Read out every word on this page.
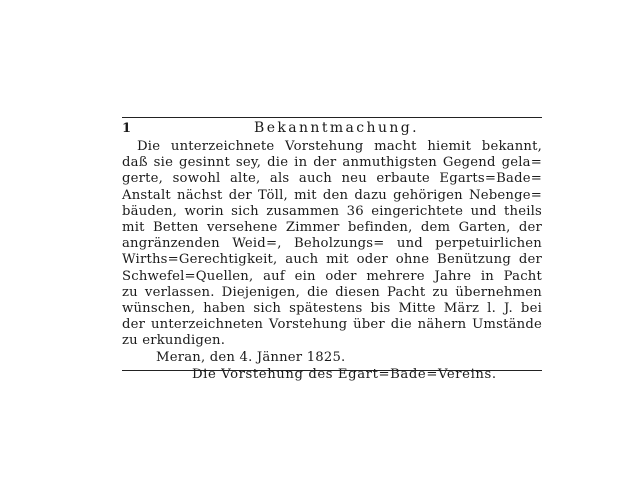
1	Bekanntmachung.
Die unterzeichnete Vorstehung macht hiemit bekannt,
daß sie gesinnt sey, die in der anmuthigsten Gegend gela=
gerte, sowohl alte, als auch neu erbaute Egarts=Bade=
Anstalt nächst der Töll, mit den dazu gehörigen Nebenge=
bäuden, worin sich zusammen 36 eingerichtete und theils
mit Betten versehene Zimmer befinden, dem Garten, der
angränzenden Weid=, Beholzungs= und perpetuirlichen
Wirths=Gerechtigkeit, auch mit oder ohne Benützung der
Schwefel=Quellen, auf ein oder mehrere Jahre in Pacht
zu verlassen. Diejenigen, die diesen Pacht zu übernehmen
wünschen, haben sich spätestens bis Mitte März l. J. bei
der unterzeichneten Vorstehung über die nähern Umstände
zu erkundigen.
Meran, den 4. Jänner 1825.
Die Vorstehung des Egart=Bade=Vereins.
